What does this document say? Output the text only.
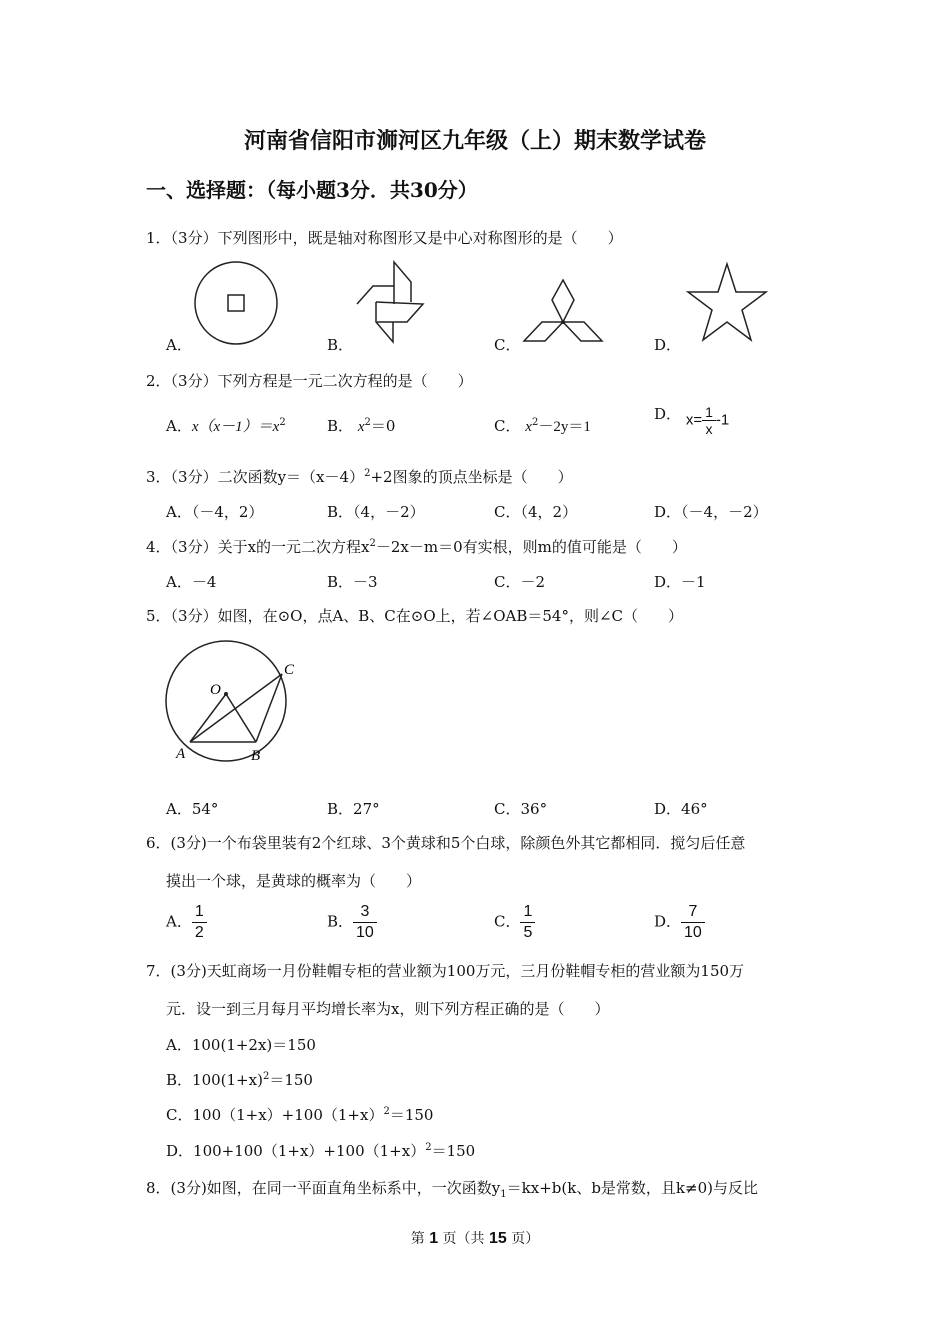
河南省信阳市浉河区九年级（上）期末数学试卷
一、选择题：（每小题3分．共30分）
1．（3分）下列图形中，既是轴对称图形又是中心对称图形的是（　　）
A．	B．	C．	D．
2．（3分）下列方程是一元二次方程的是（　　）
A．$x(x-1)=x^2$	B． $x^2=0$	C． $x^2-2y=1$
D． $x= \frac{1}{x} -1$
3．（3分）二次函数$y=(x-4)^2+2$图象的顶点坐标是（　　）
A．（－4，2）	B．（4，－2）	C．（4，2）	D．（－4，－2）
4．（3分）关于x的一元二次方程$x^2-2x-m=0$有实根，则m的值可能是（　　）
A．－4	B．－3	C．－2	D．－1
5．（3分）如图，在⊙O，点A、B、C在⊙O上，若∠OAB＝54°，则∠C（　　）
O
A	B
C
A．54°	B．27°	C．36°	D．46°
6．(3分)一个布袋里装有2个红球、3个黄球和5个白球，除颜色外其它都相同．搅匀后任意
摸出一个球，是黄球的概率为（　　）
A． $\frac{1}{2}$	B． $\frac{3}{10}$	C． $\frac{1}{5}$	D． $\frac{7}{10}$
7．(3分)天虹商场一月份鞋帽专柜的营业额为100万元，三月份鞋帽专柜的营业额为150万
元．设一到三月每月平均增长率为x，则下列方程正确的是（　　）
A．100(1+2x)＝150
B．$100(1+x)^2=150$
C．$100(1+x)+100(1+x)^2=150$
D．$100+100(1+x)+100(1+x)^2=150$
8．(3分)如图，在同一平面直角坐标系中，一次函数$y_1=kx+b(k$、b是常数，且k≠0)与反比
第 1 页（共 15 页）
